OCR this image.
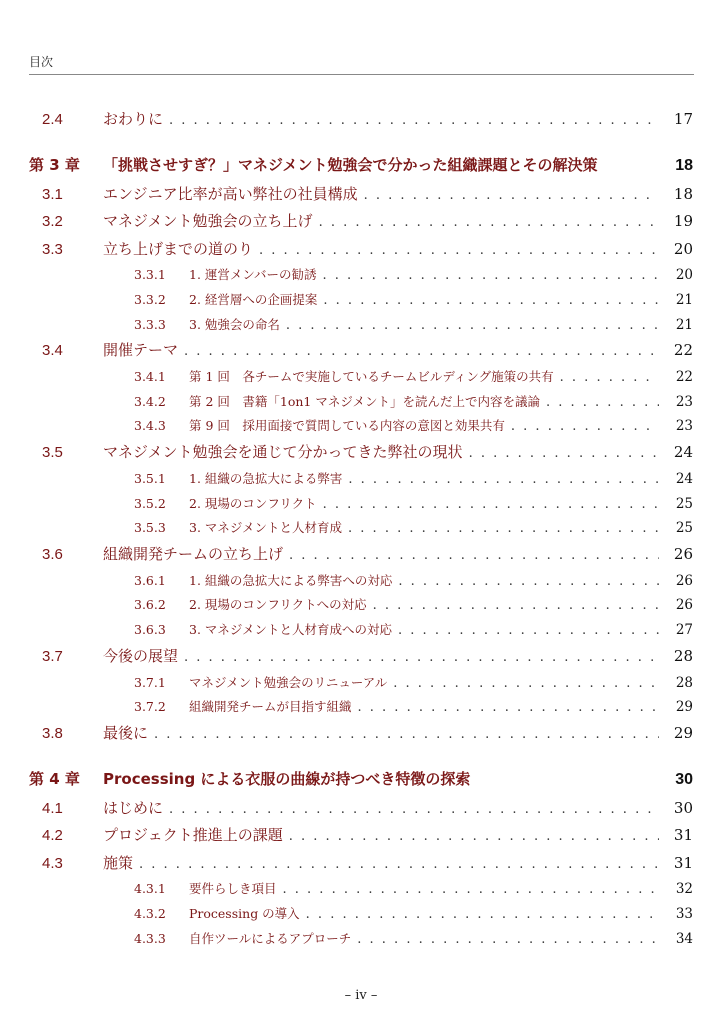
目次
2.4	おわりに . . .	17
第 3 章	「挑戦させすぎ？」マネジメント勉強会で分かった組織課題とその解決策	18
3.1	エンジニア比率が高い弊社の社員構成 . . .	18
3.2	マネジメント勉強会の立ち上げ . . .	19
3.3	立ち上げまでの道のり . . .	20
3.3.1	1. 運営メンバーの勧誘 . . .	20
3.3.2	2. 経営層への企画提案 . . .	21
3.3.3	3. 勉強会の命名 . . .	21
3.4	開催テーマ . . .	22
3.4.1	第 1 回　各チームで実施しているチームビルディング施策の共有 . . .	22
3.4.2	第 2 回　書籍「1on1 マネジメント」を読んだ上で内容を議論 . . .	23
3.4.3	第 9 回　採用面接で質問している内容の意図と効果共有 . . .	23
3.5	マネジメント勉強会を通じて分かってきた弊社の現状 . . .	24
3.5.1	1. 組織の急拡大による弊害 . . .	24
3.5.2	2. 現場のコンフリクト . . .	25
3.5.3	3. マネジメントと人材育成 . . .	25
3.6	組織開発チームの立ち上げ . . .	26
3.6.1	1. 組織の急拡大による弊害への対応 . . .	26
3.6.2	2. 現場のコンフリクトへの対応 . . .	26
3.6.3	3. マネジメントと人材育成への対応 . . .	27
3.7	今後の展望 . . .	28
3.7.1	マネジメント勉強会のリニューアル . . .	28
3.7.2	組織開発チームが目指す組織 . . .	29
3.8	最後に . . .	29
第 4 章	Processing による衣服の曲線が持つべき特徴の探索	30
4.1	はじめに . . .	30
4.2	プロジェクト推進上の課題 . . .	31
4.3	施策 . . .	31
4.3.1	要件らしき項目 . . .	32
4.3.2	Processing の導入 . . .	33
4.3.3	自作ツールによるアプローチ . . .	34
– iv –
